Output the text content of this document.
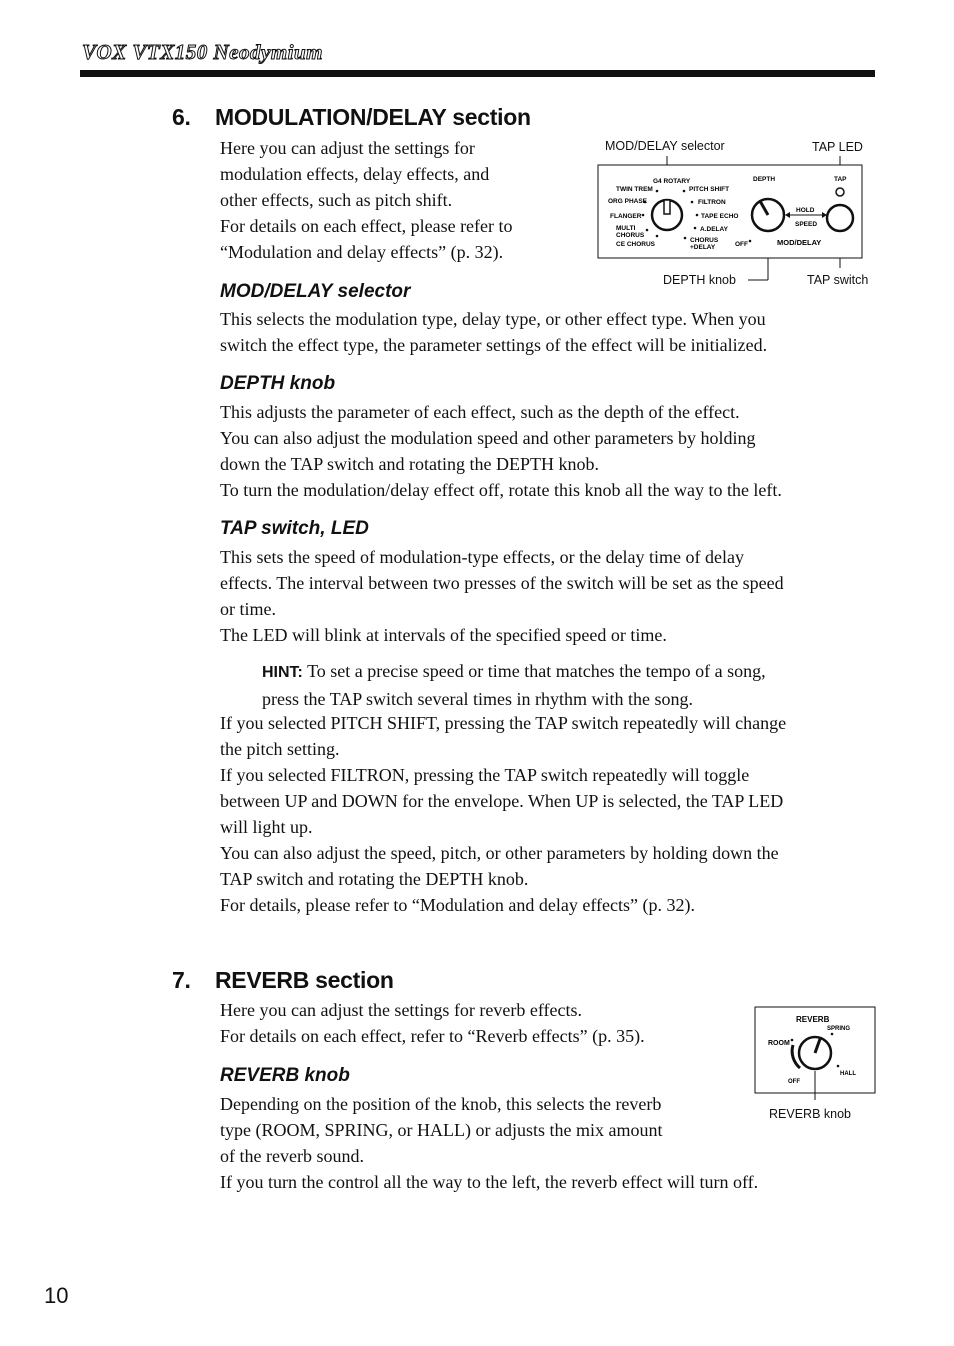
VOX VTX150 Neodymium
6. MODULATION/DELAY section
Here you can adjust the settings for
modulation effects, delay effects, and
other effects, such as pitch shift.
For details on each effect, please refer to
“Modulation and delay effects” (p. 32).
MOD/DELAY selector	TAP LED
DEPTH knob	TAP switch
G4 ROTARY
TWIN TREM
ORG PHASE
FLANGER
MULTI
CHORUS
CE CHORUS
PITCH SHIFT
FILTRON
TAPE ECHO
A.DELAY
CHORUS
+DELAY
DEPTH
OFF
HOLD
SPEED
TAP
MOD/DELAY
REVERB
ROOM
SPRING
HALL
OFF
MOD/DELAY selector
This selects the modulation type, delay type, or other effect type. When you
switch the effect type, the parameter settings of the effect will be initialized.
DEPTH knob
This adjusts the parameter of each effect, such as the depth of the effect.
You can also adjust the modulation speed and other parameters by holding
down the TAP switch and rotating the DEPTH knob.
To turn the modulation/delay effect off, rotate this knob all the way to the left.
TAP switch, LED
This sets the speed of modulation-type effects, or the delay time of delay
effects. The interval between two presses of the switch will be set as the speed
or time.
The LED will blink at intervals of the specified speed or time.
HINT: To set a precise speed or time that matches the tempo of a song,
press the TAP switch several times in rhythm with the song.
If you selected PITCH SHIFT, pressing the TAP switch repeatedly will change
the pitch setting.
If you selected FILTRON, pressing the TAP switch repeatedly will toggle
between UP and DOWN for the envelope. When UP is selected, the TAP LED
will light up.
You can also adjust the speed, pitch, or other parameters by holding down the
TAP switch and rotating the DEPTH knob.
For details, please refer to “Modulation and delay effects” (p. 32).
7. REVERB section
Here you can adjust the settings for reverb effects.
For details on each effect, refer to “Reverb effects” (p. 35).
REVERB knob
REVERB knob
Depending on the position of the knob, this selects the reverb
type (ROOM, SPRING, or HALL) or adjusts the mix amount
of the reverb sound.
If you turn the control all the way to the left, the reverb effect will turn off.
10
